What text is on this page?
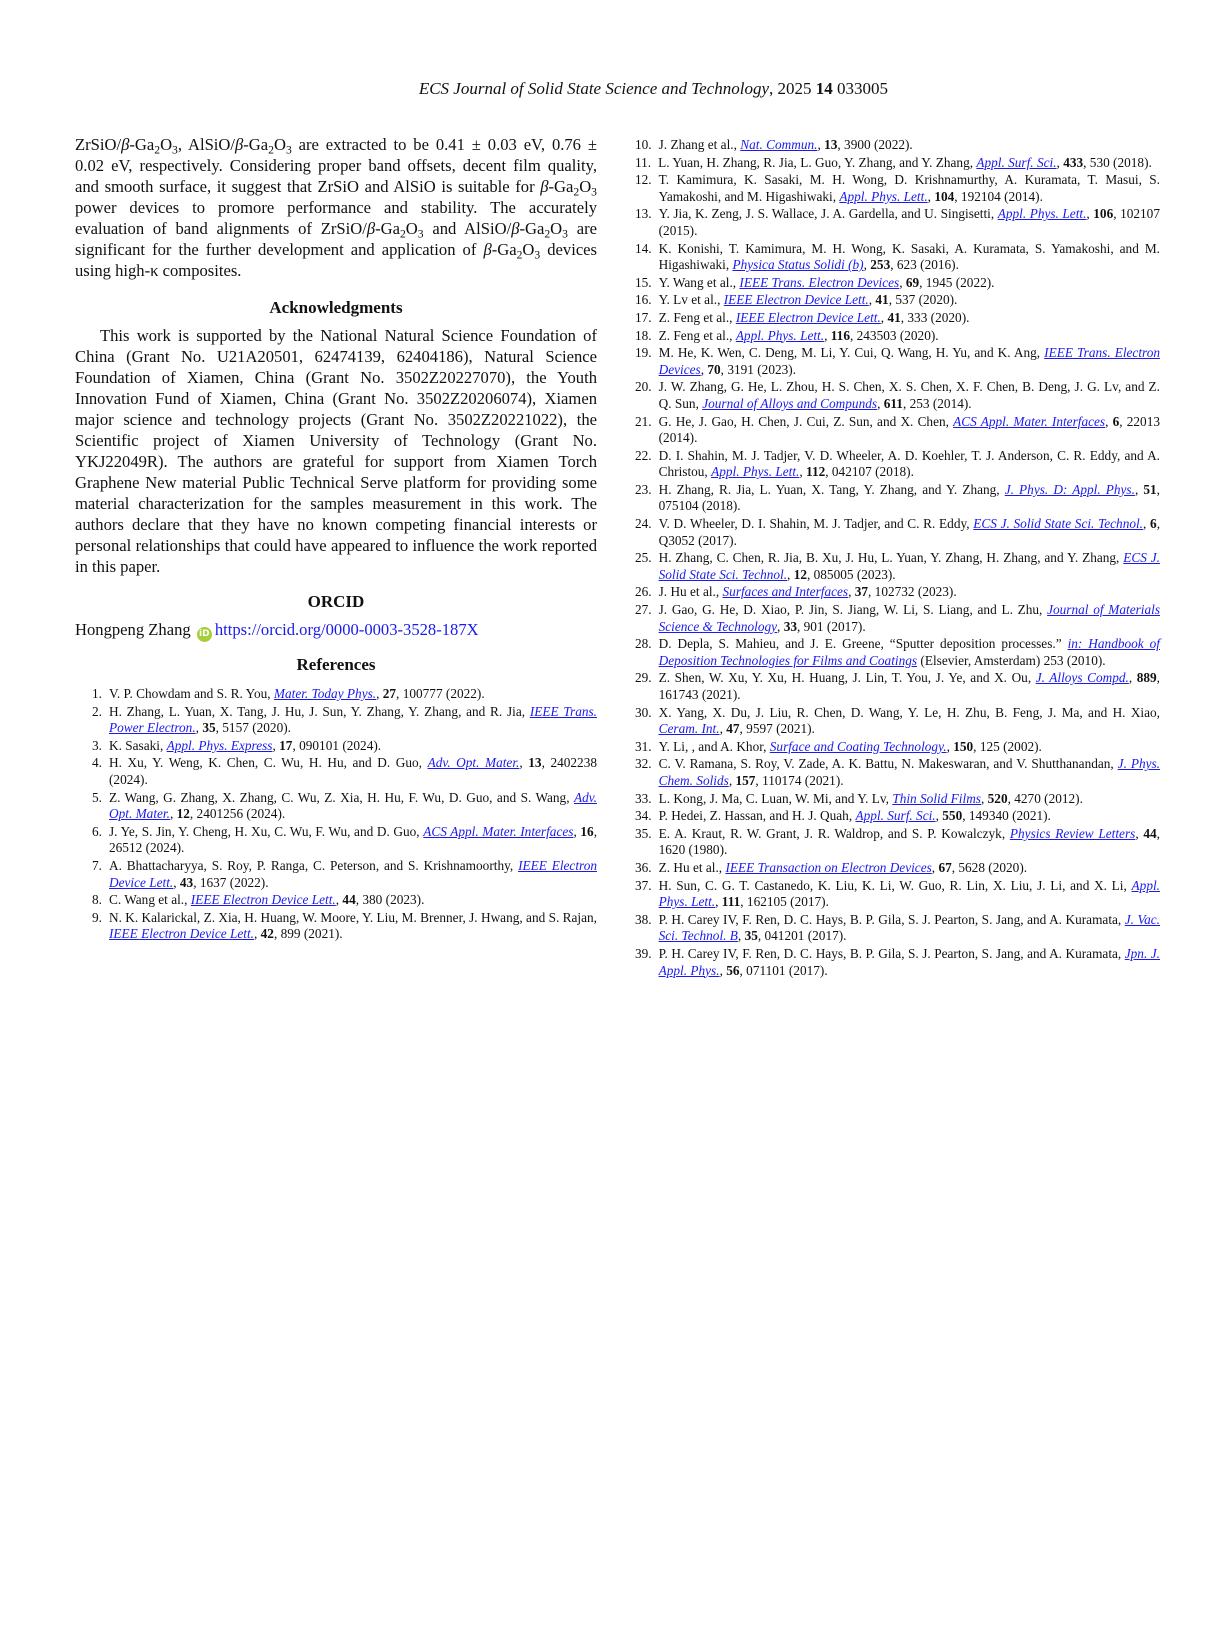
ECS Journal of Solid State Science and Technology, 2025 14 033005

ZrSiO/$\beta-Ga_2O_3$, AlSiO/$\beta-Ga_2O_3$ are extracted to be 0.41 ± 0.03 eV, 0.76 ± 0.02 eV, respectively. Considering proper band offsets, decent film quality, and smooth surface, it suggest that ZrSiO and AlSiO is suitable for $\beta-Ga_2O_3$ power devices to promore performance and stability. The accurately evaluation of band alignments of ZrSiO/$\beta-Ga_2O_3$ and AlSiO/$\beta-Ga_2O_3$ are significant for the further development and application of $\beta-Ga_2O_3$ devices using high-κ composites.

Acknowledgments

This work is supported by the National Natural Science Foundation of China (Grant No. U21A20501, 62474139, 62404186), Natural Science Foundation of Xiamen, China (Grant No. 3502Z20227070), the Youth Innovation Fund of Xiamen, China (Grant No. 3502Z20206074), Xiamen major science and technology projects (Grant No. 3502Z20221022), the Scientific project of Xiamen University of Technology (Grant No. YKJ22049R). The authors are grateful for support from Xiamen Torch Graphene New material Public Technical Serve platform for providing some material characterization for the samples measurement in this work. The authors declare that they have no known competing financial interests or personal relationships that could have appeared to influence the work reported in this paper.

ORCID
Hongpeng Zhang iD https://orcid.org/0000-0003-3528-187X
References
1. V. P. Chowdam and S. R. You, Mater. Today Phys., 27, 100777 (2022).
2. H. Zhang, L. Yuan, X. Tang, J. Hu, J. Sun, Y. Zhang, Y. Zhang, and R. Jia, IEEE Trans. Power Electron., 35, 5157 (2020).
3. K. Sasaki, Appl. Phys. Express, 17, 090101 (2024).
4. H. Xu, Y. Weng, K. Chen, C. Wu, H. Hu, and D. Guo, Adv. Opt. Mater., 13, 2402238 (2024).
5. Z. Wang, G. Zhang, X. Zhang, C. Wu, Z. Xia, H. Hu, F. Wu, D. Guo, and S. Wang, Adv. Opt. Mater., 12, 2401256 (2024).
6. J. Ye, S. Jin, Y. Cheng, H. Xu, C. Wu, F. Wu, and D. Guo, ACS Appl. Mater. Interfaces, 16, 26512 (2024).
7. A. Bhattacharyya, S. Roy, P. Ranga, C. Peterson, and S. Krishnamoorthy, IEEE Electron Device Lett., 43, 1637 (2022).
8. C. Wang et al., IEEE Electron Device Lett., 44, 380 (2023).
9. N. K. Kalarickal, Z. Xia, H. Huang, W. Moore, Y. Liu, M. Brenner, J. Hwang, and S. Rajan, IEEE Electron Device Lett., 42, 899 (2021).
10. J. Zhang et al., Nat. Commun., 13, 3900 (2022).
11. L. Yuan, H. Zhang, R. Jia, L. Guo, Y. Zhang, and Y. Zhang, Appl. Surf. Sci., 433, 530 (2018).
12. T. Kamimura, K. Sasaki, M. H. Wong, D. Krishnamurthy, A. Kuramata, T. Masui, S. Yamakoshi, and M. Higashiwaki, Appl. Phys. Lett., 104, 192104 (2014).
13. Y. Jia, K. Zeng, J. S. Wallace, J. A. Gardella, and U. Singisetti, Appl. Phys. Lett., 106, 102107 (2015).
14. K. Konishi, T. Kamimura, M. H. Wong, K. Sasaki, A. Kuramata, S. Yamakoshi, and M. Higashiwaki, Physica Status Solidi (b), 253, 623 (2016).
15. Y. Wang et al., IEEE Trans. Electron Devices, 69, 1945 (2022).
16. Y. Lv et al., IEEE Electron Device Lett., 41, 537 (2020).
17. Z. Feng et al., IEEE Electron Device Lett., 41, 333 (2020).
18. Z. Feng et al., Appl. Phys. Lett., 116, 243503 (2020).
19. M. He, K. Wen, C. Deng, M. Li, Y. Cui, Q. Wang, H. Yu, and K. Ang, IEEE Trans. Electron Devices, 70, 3191 (2023).
20. J. W. Zhang, G. He, L. Zhou, H. S. Chen, X. S. Chen, X. F. Chen, B. Deng, J. G. Lv, and Z. Q. Sun, Journal of Alloys and Compunds, 611, 253 (2014).
21. G. He, J. Gao, H. Chen, J. Cui, Z. Sun, and X. Chen, ACS Appl. Mater. Interfaces, 6, 22013 (2014).
22. D. I. Shahin, M. J. Tadjer, V. D. Wheeler, A. D. Koehler, T. J. Anderson, C. R. Eddy, and A. Christou, Appl. Phys. Lett., 112, 042107 (2018).
23. H. Zhang, R. Jia, L. Yuan, X. Tang, Y. Zhang, and Y. Zhang, J. Phys. D: Appl. Phys., 51, 075104 (2018).
24. V. D. Wheeler, D. I. Shahin, M. J. Tadjer, and C. R. Eddy, ECS J. Solid State Sci. Technol., 6, Q3052 (2017).
25. H. Zhang, C. Chen, R. Jia, B. Xu, J. Hu, L. Yuan, Y. Zhang, H. Zhang, and Y. Zhang, ECS J. Solid State Sci. Technol., 12, 085005 (2023).
26. J. Hu et al., Surfaces and Interfaces, 37, 102732 (2023).
27. J. Gao, G. He, D. Xiao, P. Jin, S. Jiang, W. Li, S. Liang, and L. Zhu, Journal of Materials Science & Technology, 33, 901 (2017).
28. D. Depla, S. Mahieu, and J. E. Greene, “Sputter deposition processes.” in: Handbook of Deposition Technologies for Films and Coatings (Elsevier, Amsterdam) 253 (2010).
29. Z. Shen, W. Xu, Y. Xu, H. Huang, J. Lin, T. You, J. Ye, and X. Ou, J. Alloys Compd., 889, 161743 (2021).
30. X. Yang, X. Du, J. Liu, R. Chen, D. Wang, Y. Le, H. Zhu, B. Feng, J. Ma, and H. Xiao, Ceram. Int., 47, 9597 (2021).
31. Y. Li, , and A. Khor, Surface and Coating Technology., 150, 125 (2002).
32. C. V. Ramana, S. Roy, V. Zade, A. K. Battu, N. Makeswaran, and V. Shutthanandan, J. Phys. Chem. Solids, 157, 110174 (2021).
33. L. Kong, J. Ma, C. Luan, W. Mi, and Y. Lv, Thin Solid Films, 520, 4270 (2012).
34. P. Hedei, Z. Hassan, and H. J. Quah, Appl. Surf. Sci., 550, 149340 (2021).
35. E. A. Kraut, R. W. Grant, J. R. Waldrop, and S. P. Kowalczyk, Physics Review Letters, 44, 1620 (1980).
36. Z. Hu et al., IEEE Transaction on Electron Devices, 67, 5628 (2020).
37. H. Sun, C. G. T. Castanedo, K. Liu, K. Li, W. Guo, R. Lin, X. Liu, J. Li, and X. Li, Appl. Phys. Lett., 111, 162105 (2017).
38. P. H. Carey IV, F. Ren, D. C. Hays, B. P. Gila, S. J. Pearton, S. Jang, and A. Kuramata, J. Vac. Sci. Technol. B, 35, 041201 (2017).
39. P. H. Carey IV, F. Ren, D. C. Hays, B. P. Gila, S. J. Pearton, S. Jang, and A. Kuramata, Jpn. J. Appl. Phys., 56, 071101 (2017).
